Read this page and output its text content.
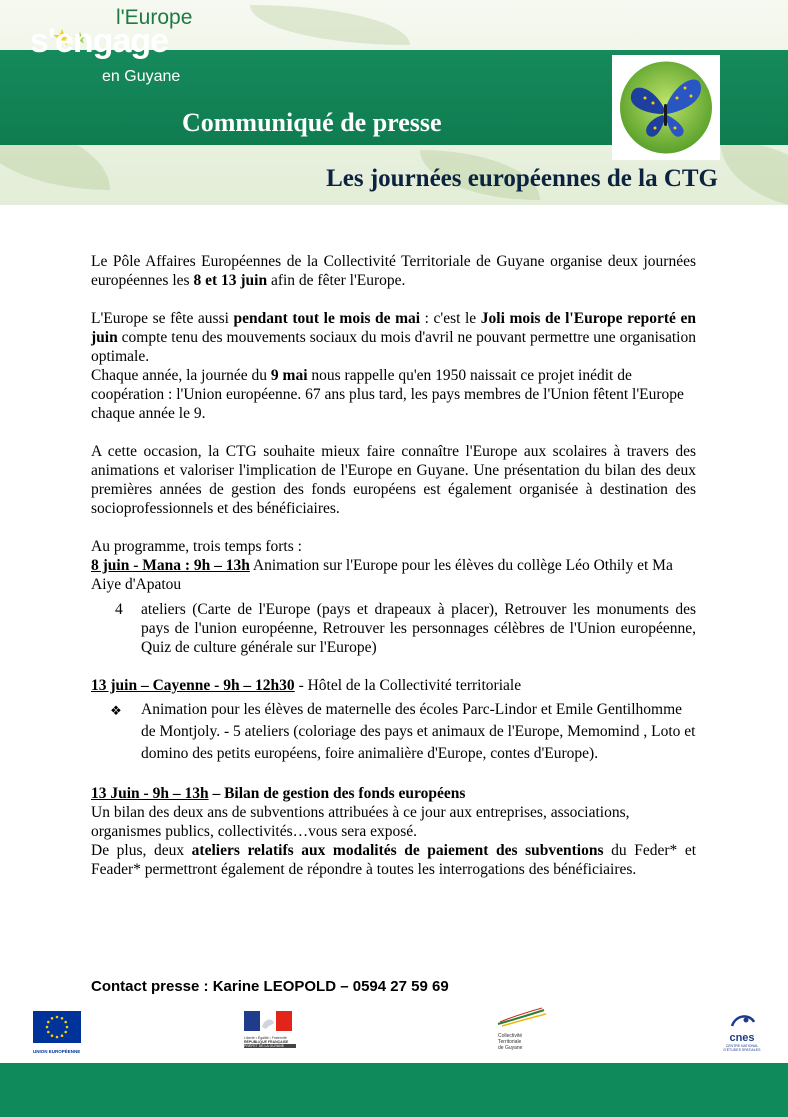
l'Europe
s'engage
en Guyane
Communiqué de presse
Les journées européennes de la CTG

Le Pôle Affaires Européennes de la Collectivité Territoriale de Guyane organise deux journées européennes les 8 et 13 juin afin de fêter l'Europe.

L'Europe se fête aussi pendant tout le mois de mai : c'est le Joli mois de l'Europe reporté en juin compte tenu des mouvements sociaux du mois d'avril ne pouvant permettre une organisation optimale.

Chaque année, la journée du 9 mai nous rappelle qu'en 1950 naissait ce projet inédit de coopération : l'Union européenne. 67 ans plus tard, les pays membres de l'Union fêtent l'Europe chaque année le 9.

A cette occasion, la CTG souhaite mieux faire connaître l'Europe aux scolaires à travers des animations et valoriser l'implication de l'Europe en Guyane. Une présentation du bilan des deux premières années de gestion des fonds européens est également organisée à destination des socioprofessionnels et des bénéficiaires.

Au programme, trois temps forts :

8 juin - Mana : 9h – 13h Animation sur l'Europe pour les élèves du collège Léo Othily et Ma Aiye d'Apatou

4	ateliers (Carte de l'Europe (pays et drapeaux à placer), Retrouver les monuments des pays de l'union européenne, Retrouver les personnages célèbres de l'Union européenne, Quiz de culture générale sur l'Europe)

13 juin – Cayenne - 9h – 12h30 - Hôtel de la Collectivité territoriale

❖	Animation pour les élèves de maternelle des écoles Parc-Lindor et Emile Gentilhomme de Montjoly. - 5 ateliers (coloriage des pays et animaux de l'Europe, Memomind , Loto et domino des petits européens, foire animalière d'Europe, contes d'Europe).

13 Juin - 9h – 13h – Bilan de gestion des fonds européens

Un bilan des deux ans de subventions attribuées à ce jour aux entreprises, associations, organismes publics, collectivités…vous sera exposé.

De plus, deux ateliers relatifs aux modalités de paiement des subventions du Feder* et Feader* permettront également de répondre à toutes les interrogations des bénéficiaires.

Contact presse : Karine LEOPOLD – 0594 27 59 69
UNION EUROPÉENNE
Liberté • Égalité • Fraternité
RÉPUBLIQUE FRANÇAISE
PRÉFET DE LA GUYANE
Collectivité
Territoriale
de Guyane
cnes
CENTRE NATIONAL
D'ÉTUDES SPATIALES
